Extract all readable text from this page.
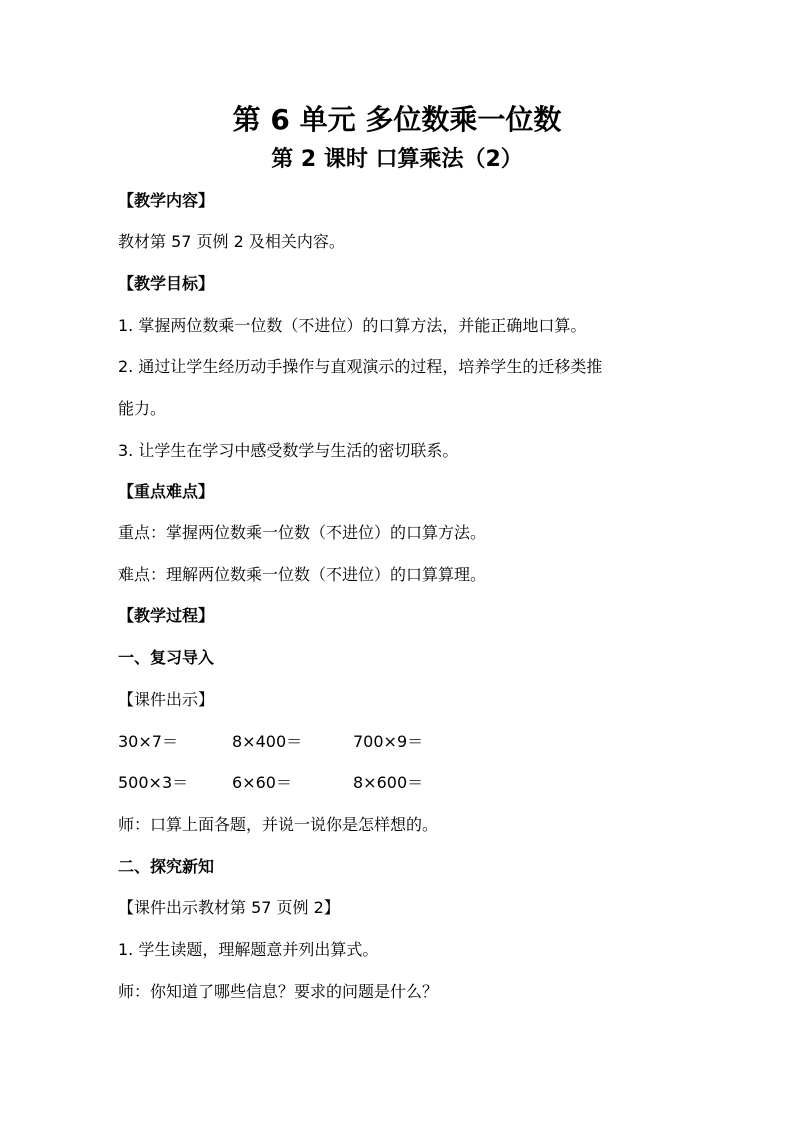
第 6 单元 多位数乘一位数
第 2 课时 口算乘法（2）
【教学内容】
教材第 57 页例 2 及相关内容。
【教学目标】
1. 掌握两位数乘一位数（不进位）的口算方法，并能正确地口算。
2. 通过让学生经历动手操作与直观演示的过程，培养学生的迁移类推
能力。
3. 让学生在学习中感受数学与生活的密切联系。
【重点难点】
重点：掌握两位数乘一位数（不进位）的口算方法。
难点：理解两位数乘一位数（不进位）的口算算理。
【教学过程】
一、复习导入
【课件出示】
30×7＝	8×400＝	700×9＝
500×3＝	6×60＝	8×600＝
师：口算上面各题，并说一说你是怎样想的。
二、探究新知
【课件出示教材第 57 页例 2】
1. 学生读题，理解题意并列出算式。
师：你知道了哪些信息？要求的问题是什么？
